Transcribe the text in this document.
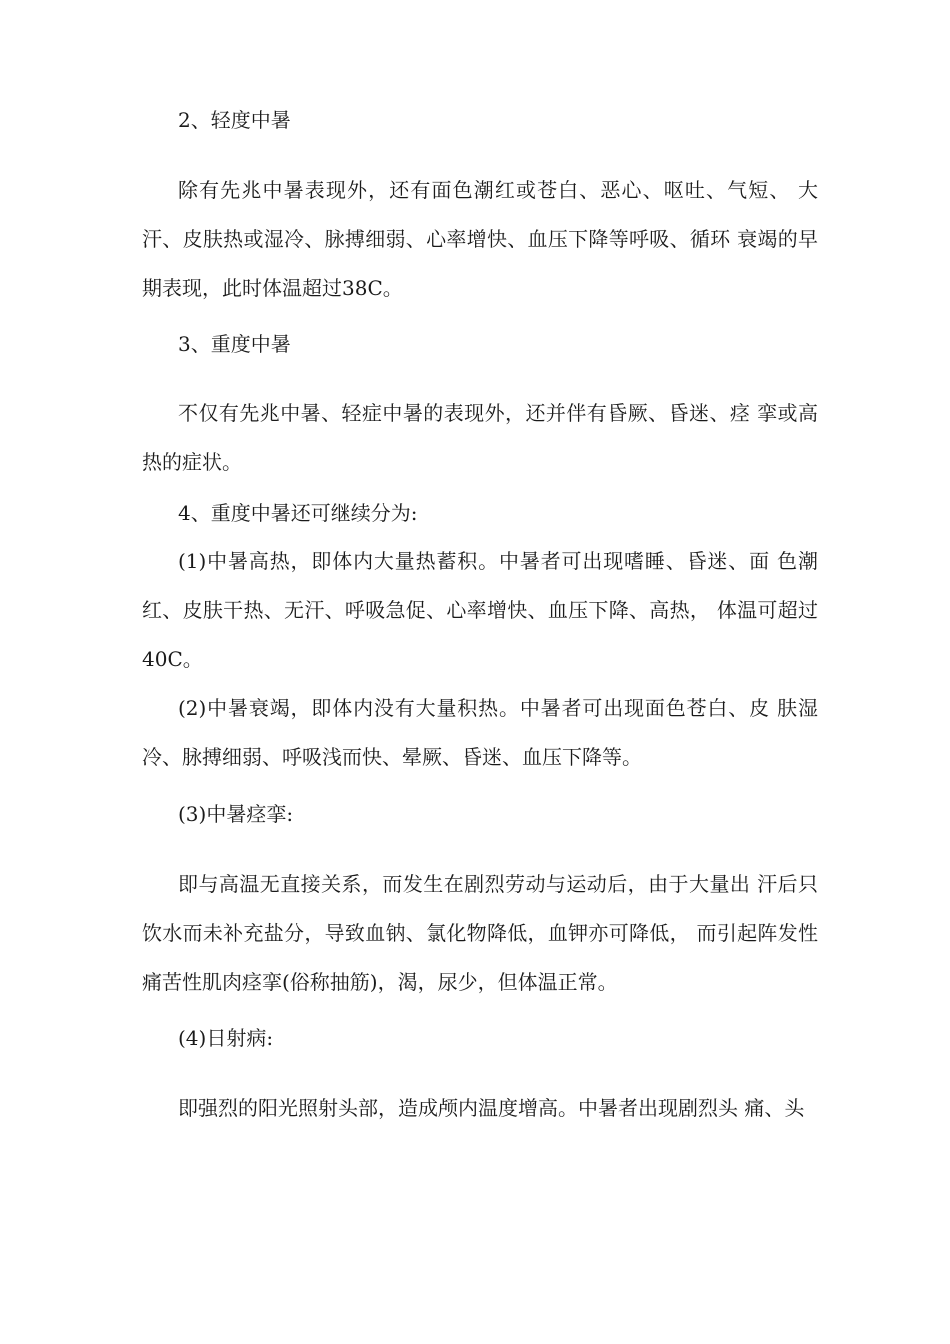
2、轻度中暑

除有先兆中暑表现外，还有面色潮红或苍白、恶心、呕吐、气短、 大汗、皮肤热或湿冷、脉搏细弱、心率增快、血压下降等呼吸、循环 衰竭的早期表现，此时体温超过38C。

3、重度中暑

不仅有先兆中暑、轻症中暑的表现外，还并伴有昏厥、昏迷、痉 挛或高热的症状。

4、重度中暑还可继续分为:

(1)中暑高热，即体内大量热蓄积。中暑者可出现嗜睡、昏迷、面 色潮红、皮肤干热、无汗、呼吸急促、心率增快、血压下降、高热， 体温可超过40C。

(2)中暑衰竭，即体内没有大量积热。中暑者可出现面色苍白、皮 肤湿冷、脉搏细弱、呼吸浅而快、晕厥、昏迷、血压下降等。

(3)中暑痉挛:

即与高温无直接关系，而发生在剧烈劳动与运动后，由于大量出 汗后只饮水而未补充盐分，导致血钠、氯化物降低，血钾亦可降低， 而引起阵发性痛苦性肌肉痉挛(俗称抽筋)，渴，尿少，但体温正常。

(4)日射病:

即强烈的阳光照射头部，造成颅内温度增高。中暑者出现剧烈头 痛、头
